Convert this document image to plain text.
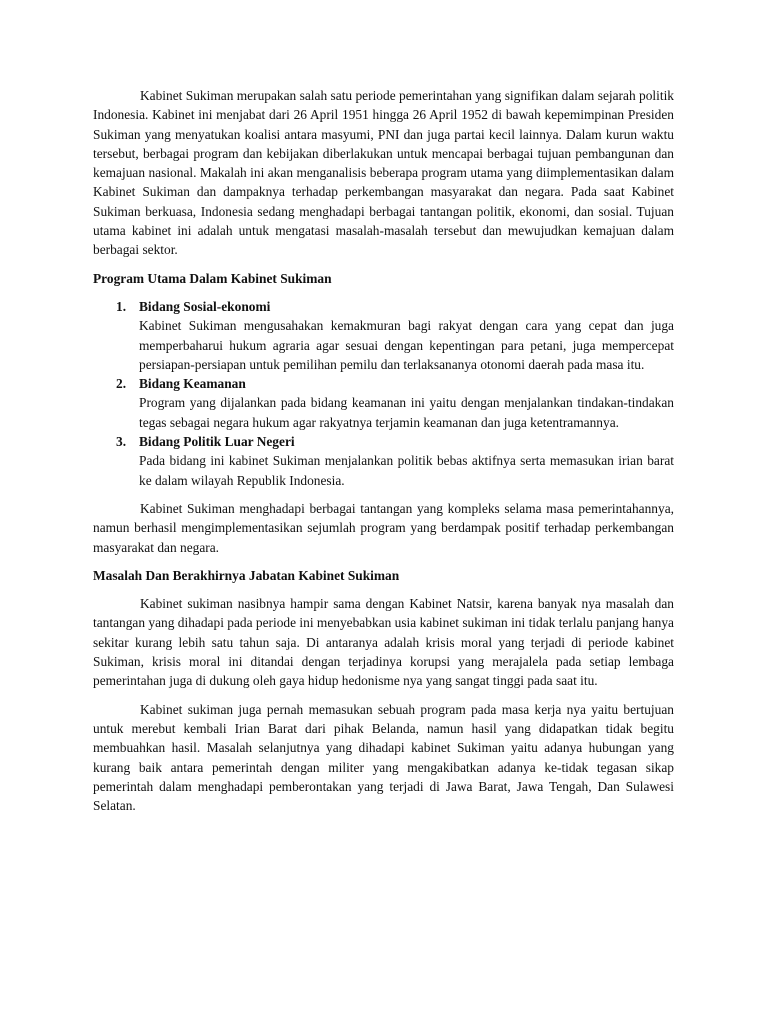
Kabinet Sukiman merupakan salah satu periode pemerintahan yang signifikan dalam sejarah politik Indonesia. Kabinet ini menjabat dari 26 April 1951 hingga 26 April 1952 di bawah kepemimpinan Presiden Sukiman yang menyatukan koalisi antara masyumi, PNI dan juga partai kecil lainnya. Dalam kurun waktu tersebut, berbagai program dan kebijakan diberlakukan untuk mencapai berbagai tujuan pembangunan dan kemajuan nasional. Makalah ini akan menganalisis beberapa program utama yang diimplementasikan dalam Kabinet Sukiman dan dampaknya terhadap perkembangan masyarakat dan negara. Pada saat Kabinet Sukiman berkuasa, Indonesia sedang menghadapi berbagai tantangan politik, ekonomi, dan sosial. Tujuan utama kabinet ini adalah untuk mengatasi masalah-masalah tersebut dan mewujudkan kemajuan dalam berbagai sektor.

Program Utama Dalam Kabinet Sukiman
1. Bidang Sosial-ekonomi
Kabinet Sukiman mengusahakan kemakmuran bagi rakyat dengan cara yang cepat dan juga memperbaharui hukum agraria agar sesuai dengan kepentingan para petani, juga mempercepat persiapan-persiapan untuk pemilihan pemilu dan terlaksananya otonomi daerah pada masa itu.
2. Bidang Keamanan
Program yang dijalankan pada bidang keamanan ini yaitu dengan menjalankan tindakan-tindakan tegas sebagai negara hukum agar rakyatnya terjamin keamanan dan juga ketentramannya.
3. Bidang Politik Luar Negeri
Pada bidang ini kabinet Sukiman menjalankan politik bebas aktifnya serta memasukan irian barat ke dalam wilayah Republik Indonesia.

Kabinet Sukiman menghadapi berbagai tantangan yang kompleks selama masa pemerintahannya, namun berhasil mengimplementasikan sejumlah program yang berdampak positif terhadap perkembangan masyarakat dan negara.

Masalah Dan Berakhirnya Jabatan Kabinet Sukiman

Kabinet sukiman nasibnya hampir sama dengan Kabinet Natsir, karena banyak nya masalah dan tantangan yang dihadapi pada periode ini menyebabkan usia kabinet sukiman ini tidak terlalu panjang hanya sekitar kurang lebih satu tahun saja. Di antaranya adalah krisis moral yang terjadi di periode kabinet Sukiman, krisis moral ini ditandai dengan terjadinya korupsi yang merajalela pada setiap lembaga pemerintahan juga di dukung oleh gaya hidup hedonisme nya yang sangat tinggi pada saat itu.

Kabinet sukiman juga pernah memasukan sebuah program pada masa kerja nya yaitu bertujuan untuk merebut kembali Irian Barat dari pihak Belanda, namun hasil yang didapatkan tidak begitu membuahkan hasil. Masalah selanjutnya yang dihadapi kabinet Sukiman yaitu adanya hubungan yang kurang baik antara pemerintah dengan militer yang mengakibatkan adanya ke-tidak tegasan sikap pemerintah dalam menghadapi pemberontakan yang terjadi di Jawa Barat, Jawa Tengah, Dan Sulawesi Selatan.
